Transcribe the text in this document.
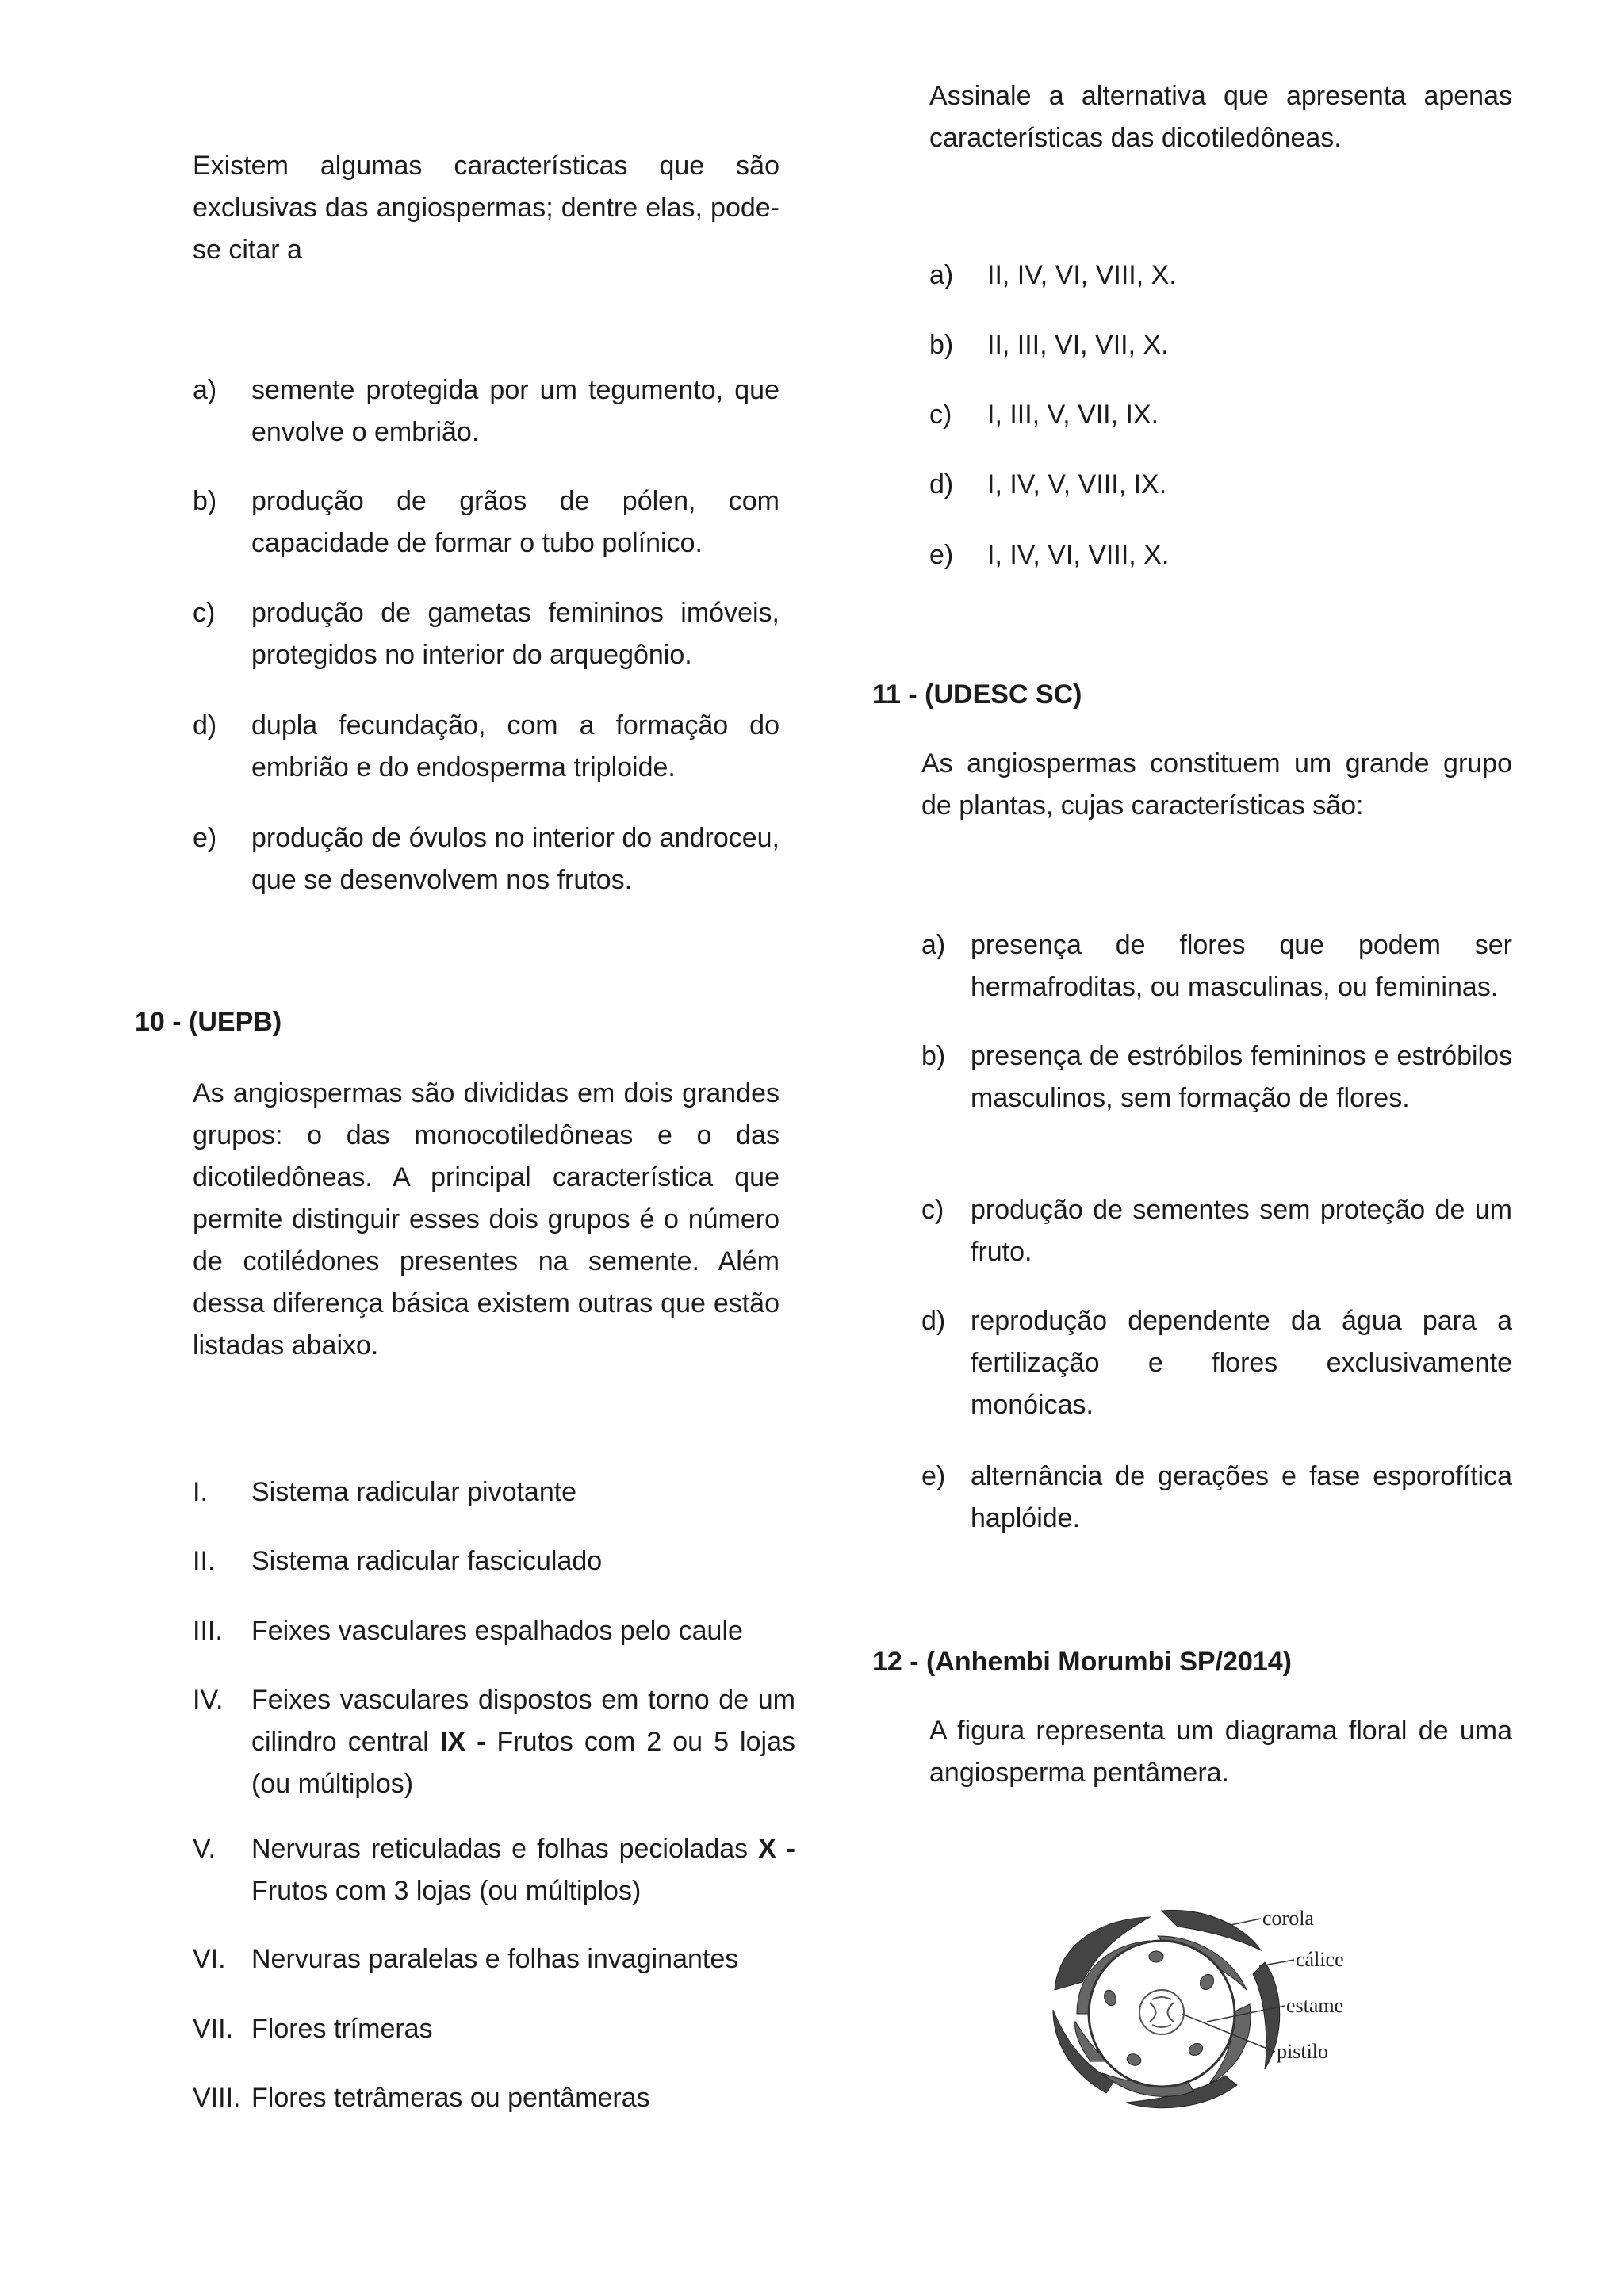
Existem algumas características que são exclusivas das angiospermas; dentre elas, pode-se citar a
a) semente protegida por um tegumento, que envolve o embrião.
b) produção de grãos de pólen, com capacidade de formar o tubo polínico.
c) produção de gametas femininos imóveis, protegidos no interior do arquegônio.
d) dupla fecundação, com a formação do embrião e do endosperma triploide.
e) produção de óvulos no interior do androceu, que se desenvolvem nos frutos.
10 - (UEPB)
As angiospermas são divididas em dois grandes grupos: o das monocotiledôneas e o das dicotiledôneas. A principal característica que permite distinguir esses dois grupos é o número de cotilédones presentes na semente. Além dessa diferença básica existem outras que estão listadas abaixo.
I. Sistema radicular pivotante
II. Sistema radicular fasciculado
III. Feixes vasculares espalhados pelo caule
IV. Feixes vasculares dispostos em torno de um cilindro central IX - Frutos com 2 ou 5 lojas (ou múltiplos)
V. Nervuras reticuladas e folhas pecioladas X - Frutos com 3 lojas (ou múltiplos)
VI. Nervuras paralelas e folhas invaginantes
VII. Flores trímeras
VIII. Flores tetrâmeras ou pentâmeras
Assinale a alternativa que apresenta apenas características das dicotiledôneas.
a) II, IV, VI, VIII, X.
b) II, III, VI, VII, X.
c) I, III, V, VII, IX.
d) I, IV, V, VIII, IX.
e) I, IV, VI, VIII, X.
11 - (UDESC SC)
As angiospermas constituem um grande grupo de plantas, cujas características são:
a) presença de flores que podem ser hermafroditas, ou masculinas, ou femininas.
b) presença de estróbilos femininos e estróbilos masculinos, sem formação de flores.
c) produção de sementes sem proteção de um fruto.
d) reprodução dependente da água para a fertilização e flores exclusivamente monóicas.
e) alternância de gerações e fase esporofítica haplóide.
12 - (Anhembi Morumbi SP/2014)
A figura representa um diagrama floral de uma angiosperma pentâmera.
corola
cálice
estame
pistilo
